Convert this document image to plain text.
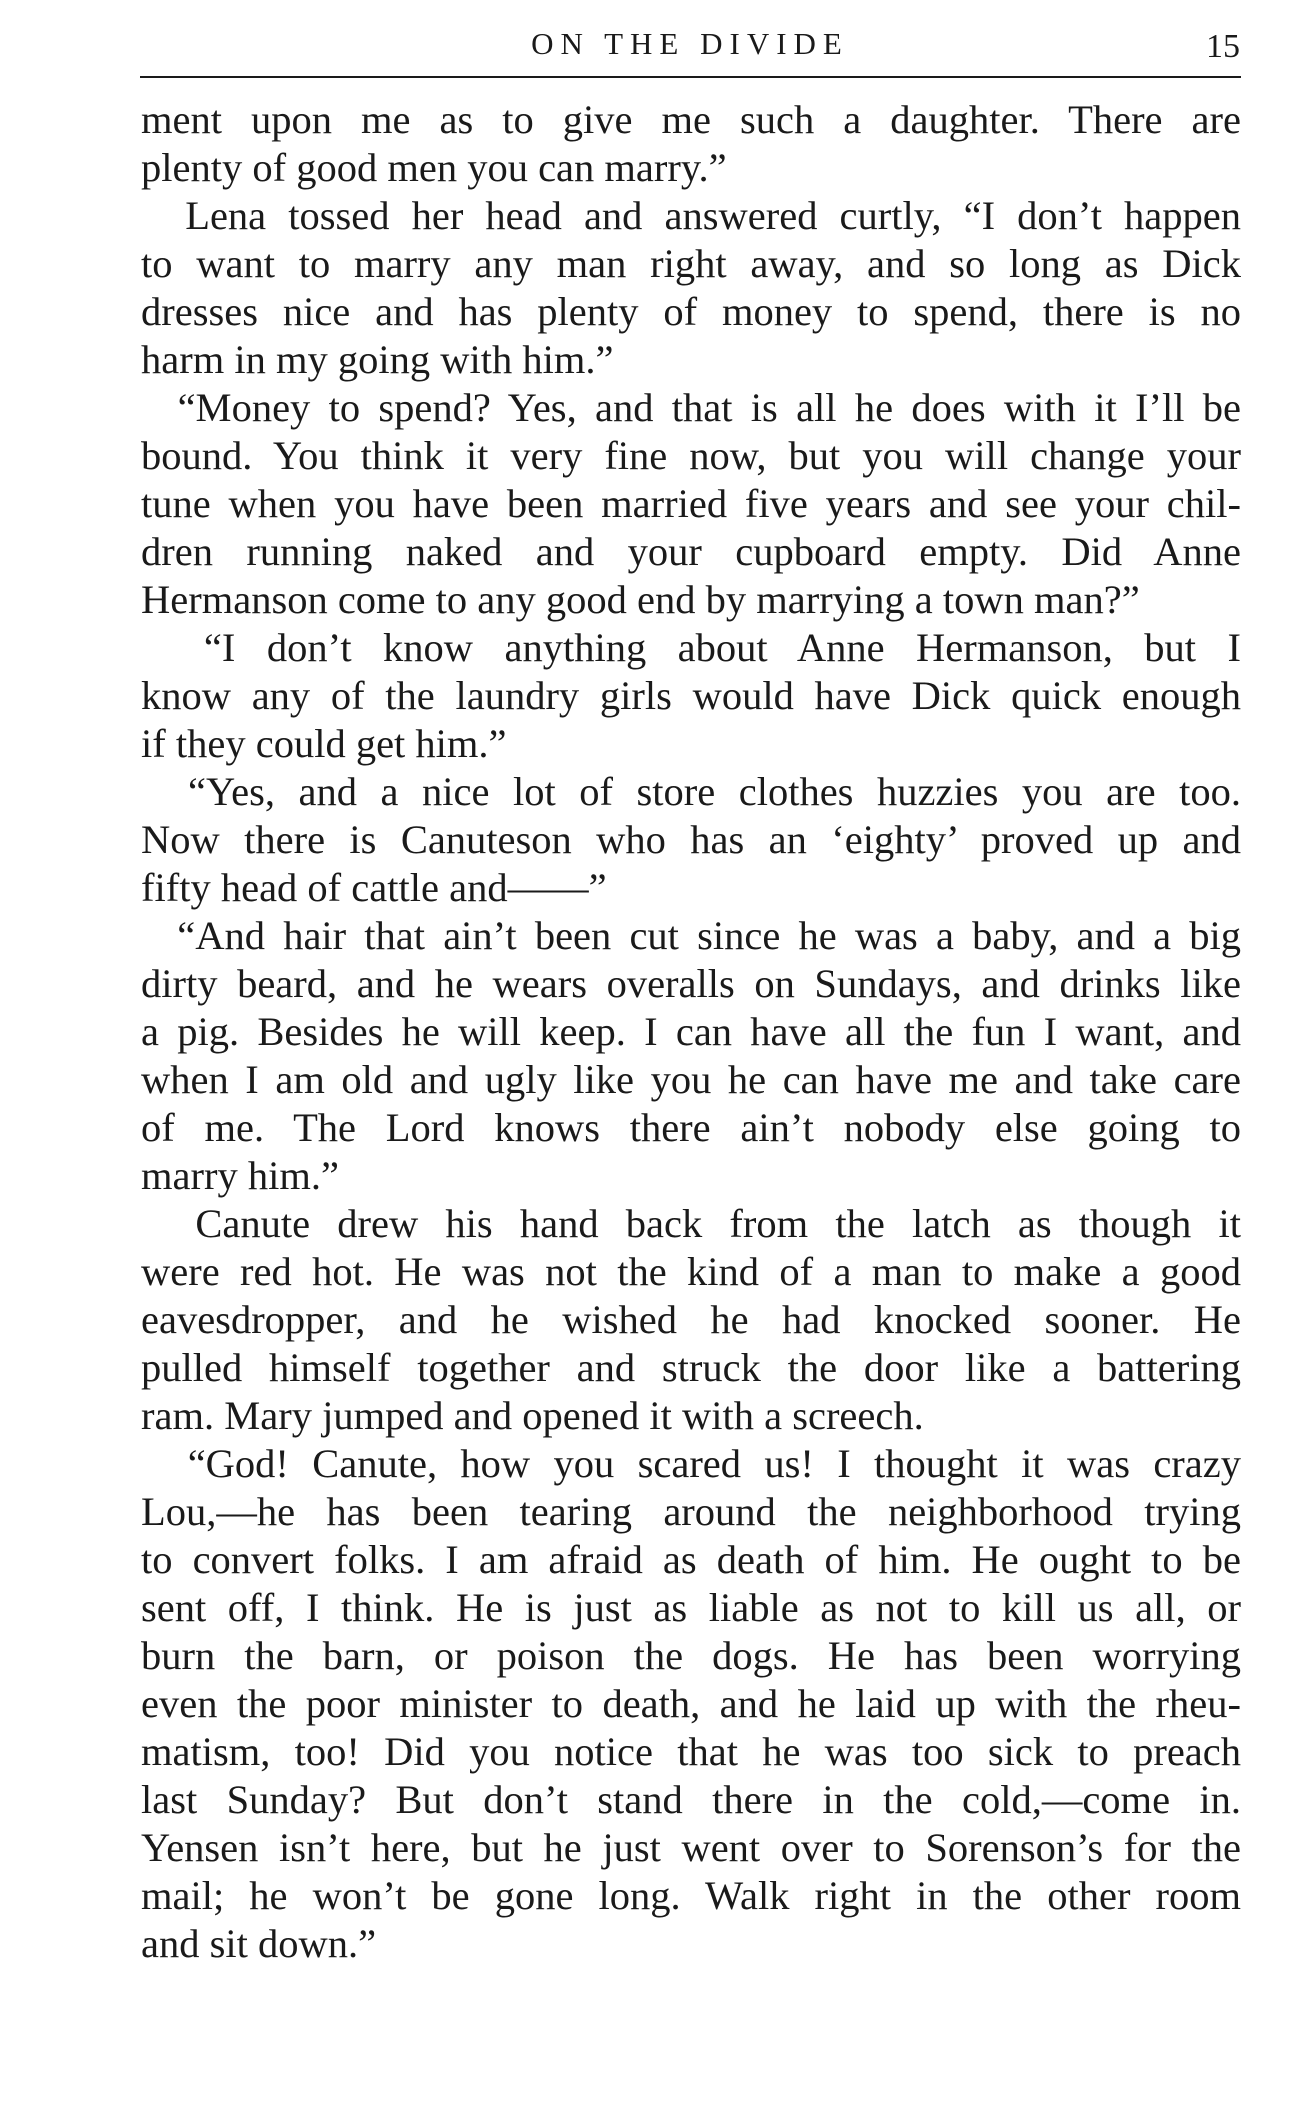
ON THE DIVIDE	15
ment upon me as to give me such a daughter. There are
plenty of good men you can marry.”
Lena tossed her head and answered curtly, “I don’t happen
to want to marry any man right away, and so long as Dick
dresses nice and has plenty of money to spend, there is no
harm in my going with him.”
“Money to spend? Yes, and that is all he does with it I’ll be
bound. You think it very fine now, but you will change your
tune when you have been married five years and see your chil-
dren running naked and your cupboard empty. Did Anne
Hermanson come to any good end by marrying a town man?”
“I don’t know anything about Anne Hermanson, but I
know any of the laundry girls would have Dick quick enough
if they could get him.”
“Yes, and a nice lot of store clothes huzzies you are too.
Now there is Canuteson who has an ‘eighty’ proved up and
fifty head of cattle and——”
“And hair that ain’t been cut since he was a baby, and a big
dirty beard, and he wears overalls on Sundays, and drinks like
a pig. Besides he will keep. I can have all the fun I want, and
when I am old and ugly like you he can have me and take care
of me. The Lord knows there ain’t nobody else going to
marry him.”
Canute drew his hand back from the latch as though it
were red hot. He was not the kind of a man to make a good
eavesdropper, and he wished he had knocked sooner. He
pulled himself together and struck the door like a battering
ram. Mary jumped and opened it with a screech.
“God! Canute, how you scared us! I thought it was crazy
Lou,—he has been tearing around the neighborhood trying
to convert folks. I am afraid as death of him. He ought to be
sent off, I think. He is just as liable as not to kill us all, or
burn the barn, or poison the dogs. He has been worrying
even the poor minister to death, and he laid up with the rheu-
matism, too! Did you notice that he was too sick to preach
last Sunday? But don’t stand there in the cold,—come in.
Yensen isn’t here, but he just went over to Sorenson’s for the
mail; he won’t be gone long. Walk right in the other room
and sit down.”
